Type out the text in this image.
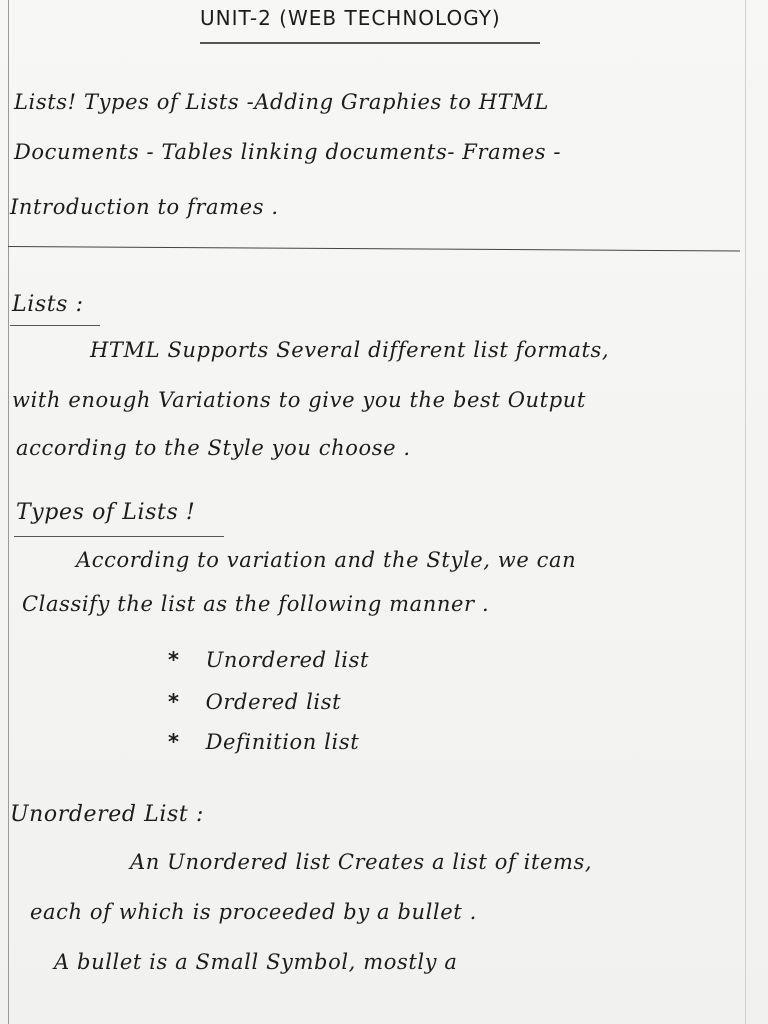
UNIT-2 (WEB TECHNOLOGY)
Lists! Types of Lists -Adding Graphies to HTML
Documents - Tables linking documents- Frames -
Introduction to frames .
Lists :
HTML Supports Several different list formats,
with enough Variations to give you the best Output
according to the Style you choose .
Types of Lists !
According to variation and the Style, we can
Classify the list as the following manner .
* Unordered list
* Ordered list
* Definition list
Unordered List :
An Unordered list Creates a list of items,
each of which is proceeded by a bullet .
A bullet is a Small Symbol, mostly a
